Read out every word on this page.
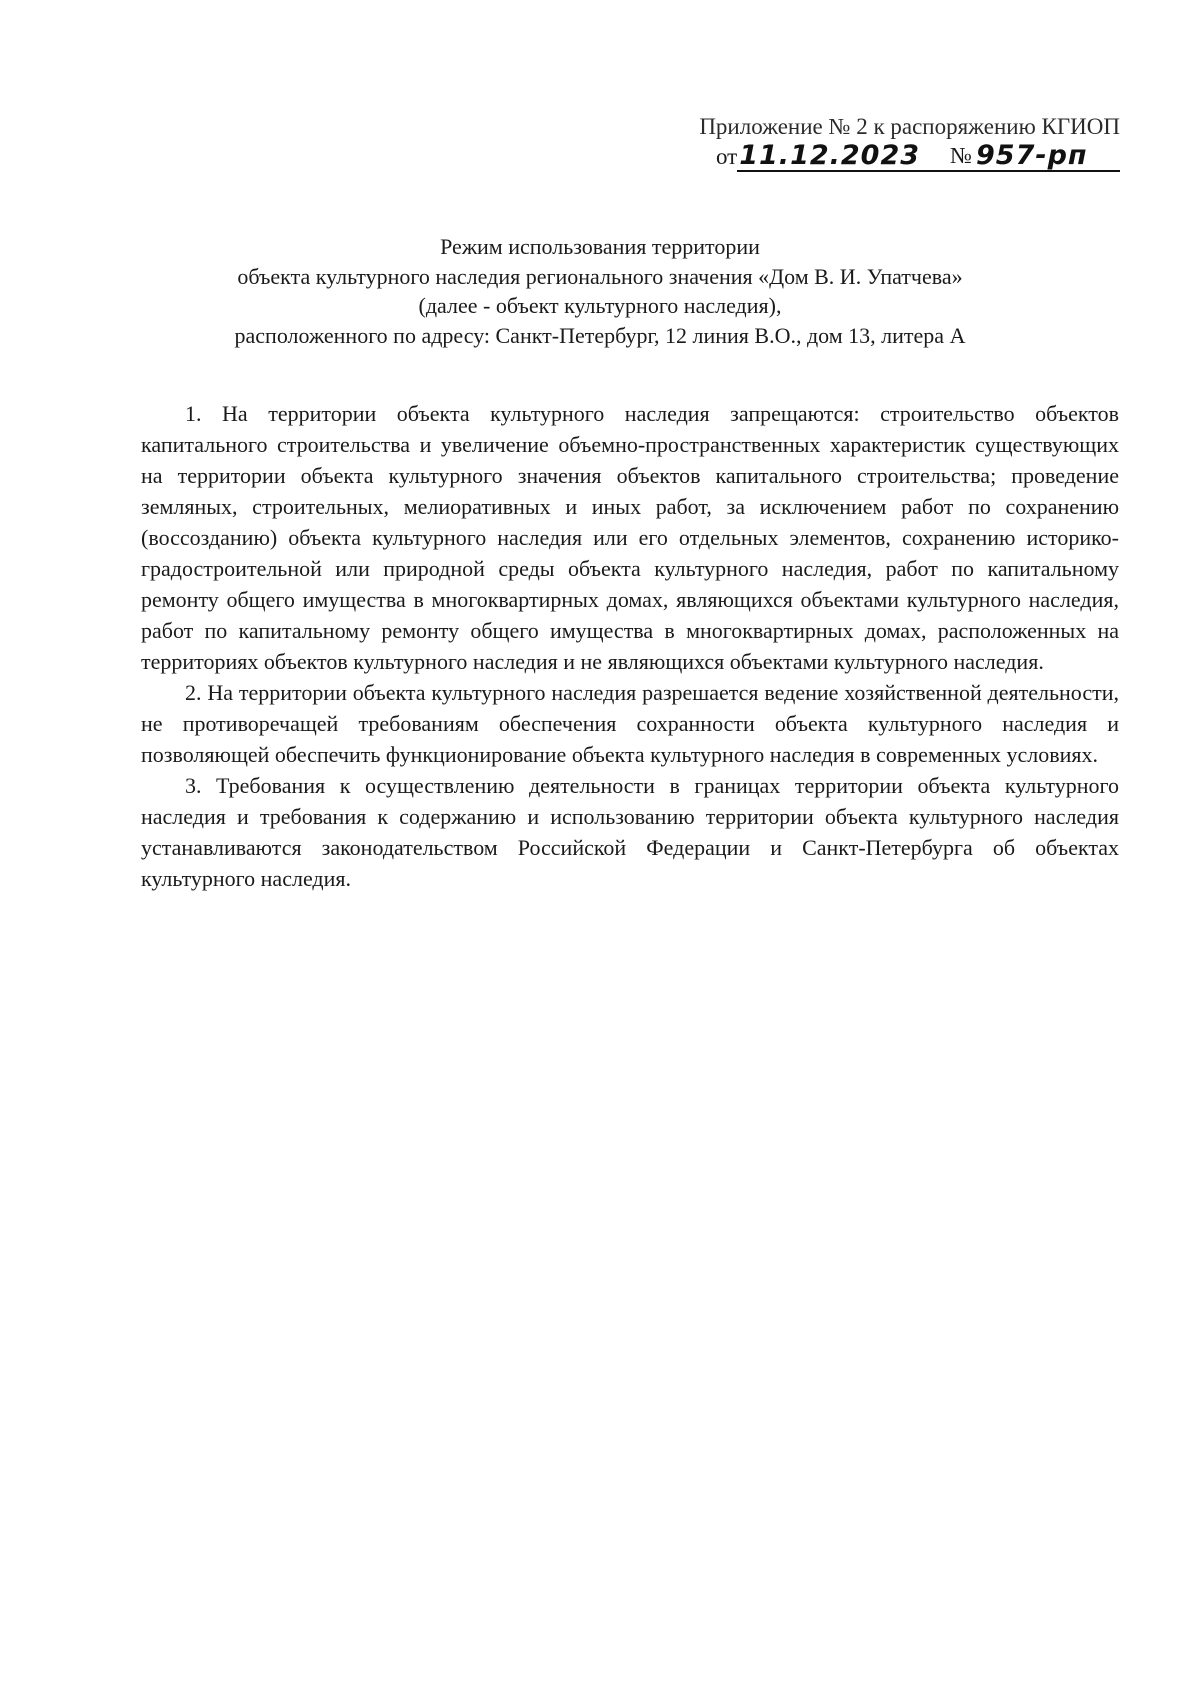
Приложение № 2 к распоряжению КГИОП
от 11.12.2023 № 957-рп
Режим использования территории
объекта культурного наследия регионального значения «Дом В. И. Упатчева»
(далее - объект культурного наследия),
расположенного по адресу: Санкт-Петербург, 12 линия В.О., дом 13, литера А

1. На территории объекта культурного наследия запрещаются: строительство объектов капитального строительства и увеличение объемно-пространственных характеристик существующих на территории объекта культурного значения объектов капитального строительства; проведение земляных, строительных, мелиоративных и иных работ, за исключением работ по сохранению (воссозданию) объекта культурного наследия или его отдельных элементов, сохранению историко-градостроительной или природной среды объекта культурного наследия, работ по капитальному ремонту общего имущества в многоквартирных домах, являющихся объектами культурного наследия, работ по капитальному ремонту общего имущества в многоквартирных домах, расположенных на территориях объектов культурного наследия и не являющихся объектами культурного наследия.

2. На территории объекта культурного наследия разрешается ведение хозяйственной деятельности, не противоречащей требованиям обеспечения сохранности объекта культурного наследия и позволяющей обеспечить функционирование объекта культурного наследия в современных условиях.

3. Требования к осуществлению деятельности в границах территории объекта культурного наследия и требования к содержанию и использованию территории объекта культурного наследия устанавливаются законодательством Российской Федерации и Санкт-Петербурга об объектах культурного наследия.
